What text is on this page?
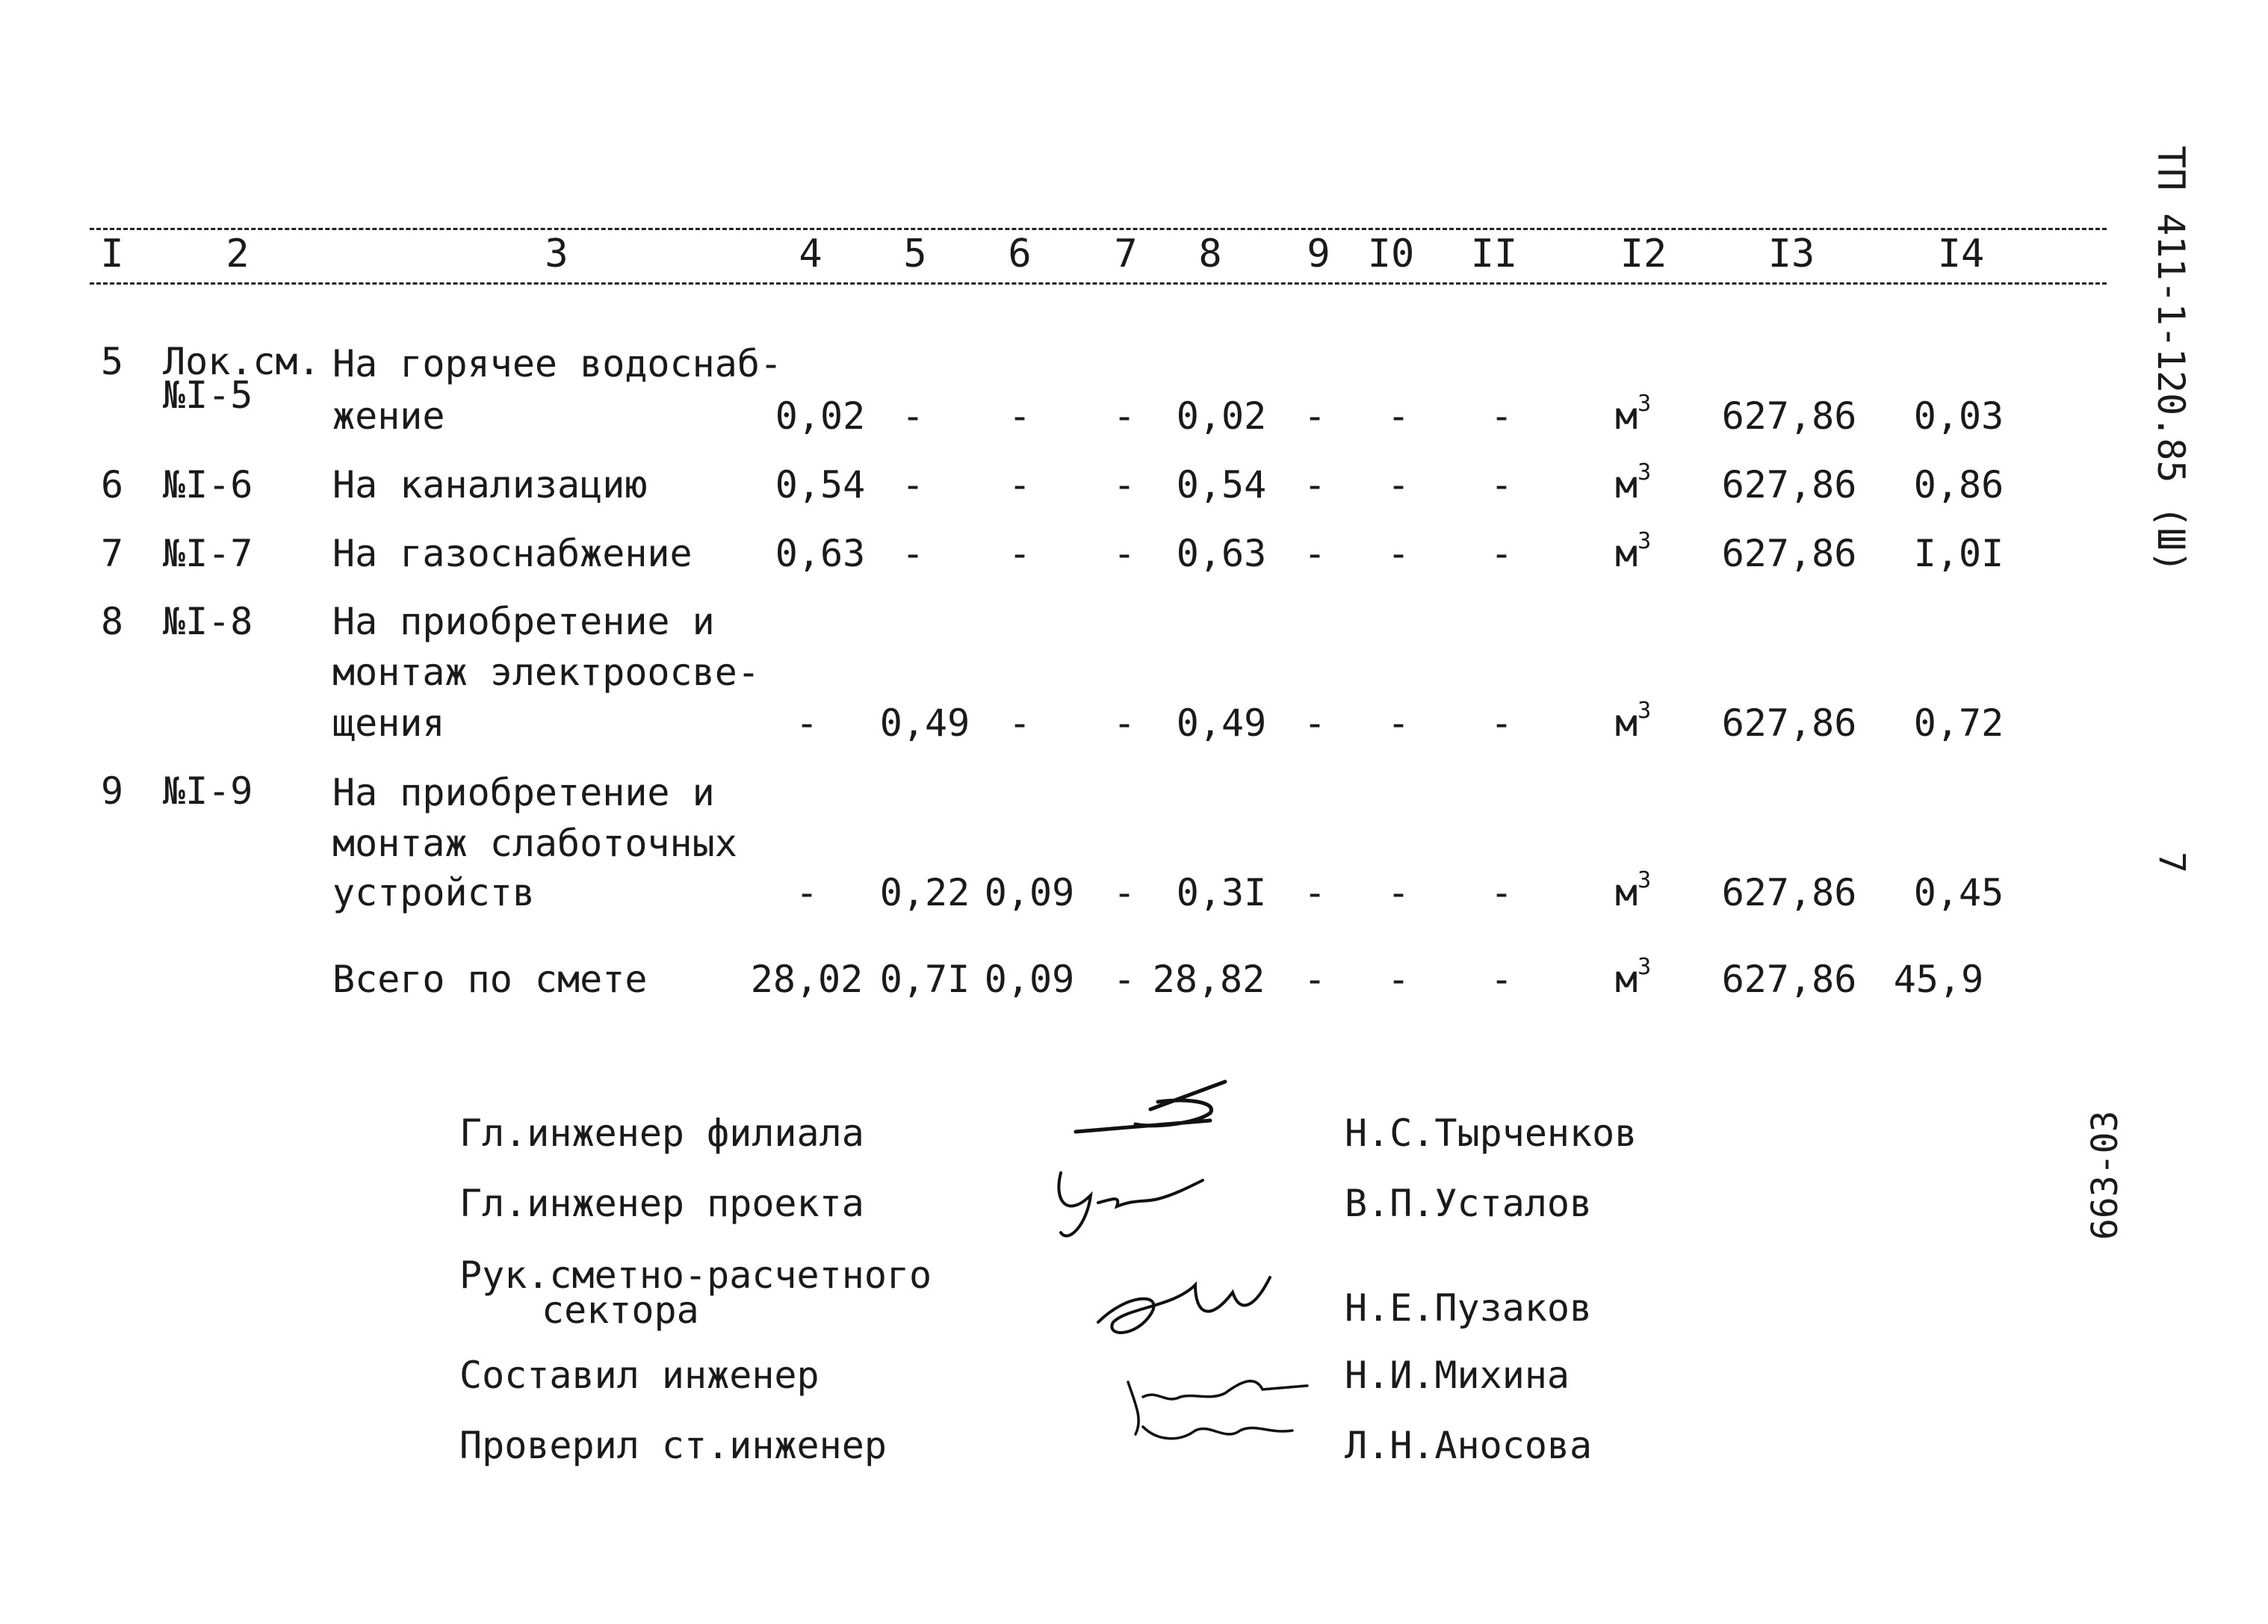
ТП 411-1-120.85 (Ш)
7
663-03
I	2	3	4 5 6 7 8 9 I0 II	I2	I3	I4
5 Лок.см.
№I-5
На горячее водоснаб-
жение	0,02 - - - 0,02 - - -	$м^3$ 627,86 0,03
6 №I-6 На канализацию	0,54 - - - 0,54 - - -	$м^3$ 627,86 0,86
7 №I-7 На газоснабжение 0,63 - - - 0,63 - - -	$м^3$ 627,86 I,0I
8 №I-8 На приобретение и
монтаж электроосве-
щения	- 0,49 - - 0,49 - - -	$м^3$ 627,86 0,72
9 №I-9 На приобретение и
монтаж слаботочных
устройств	- 0,22 0,09 - 0,3I - - -	$м^3$ 627,86 0,45
Всего по смете	28,02 0,7I 0,09 - 28,82 - - -	$м^3$ 627,86 45,9
Гл.инженер филиала	Н.С.Тырченков
Гл.инженер проекта	В.П.Усталов
Рук.сметно-расчетного
сектора	Н.Е.Пузаков
Составил инженер	Н.И.Михина
Проверил ст.инженер	Л.Н.Аносова
